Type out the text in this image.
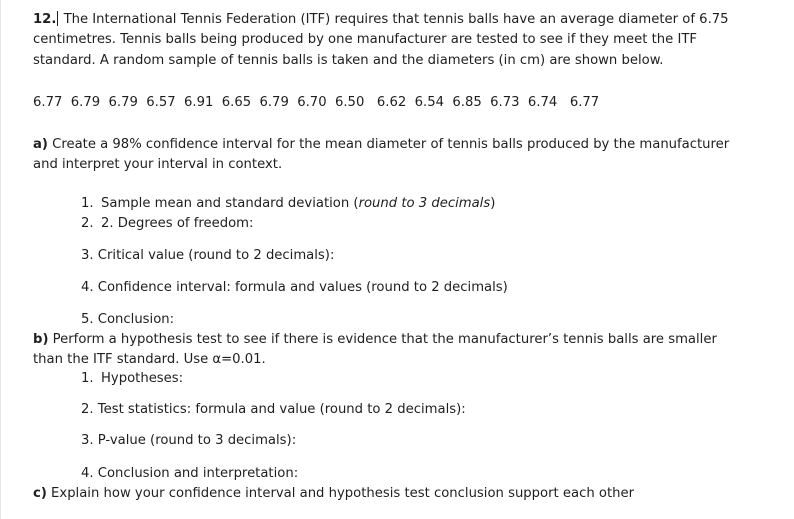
12. The International Tennis Federation (ITF) requires that tennis balls have an average diameter of 6.75
centimetres. Tennis balls being produced by one manufacturer are tested to see if they meet the ITF
standard. A random sample of tennis balls is taken and the diameters (in cm) are shown below.
6.77  6.79  6.79  6.57  6.91  6.65  6.79  6.70  6.50   6.62  6.54  6.85  6.73  6.74   6.77
a) Create a 98% confidence interval for the mean diameter of tennis balls produced by the manufacturer
and interpret your interval in context.
1. Sample mean and standard deviation (round to 3 decimals)
2. 2. Degrees of freedom:
3. Critical value (round to 2 decimals):
4. Confidence interval: formula and values (round to 2 decimals)
5. Conclusion:
b) Perform a hypothesis test to see if there is evidence that the manufacturer’s tennis balls are smaller
than the ITF standard. Use α=0.01.
1. Hypotheses:
2. Test statistics: formula and value (round to 2 decimals):
3. P-value (round to 3 decimals):
4. Conclusion and interpretation:
c) Explain how your confidence interval and hypothesis test conclusion support each other
